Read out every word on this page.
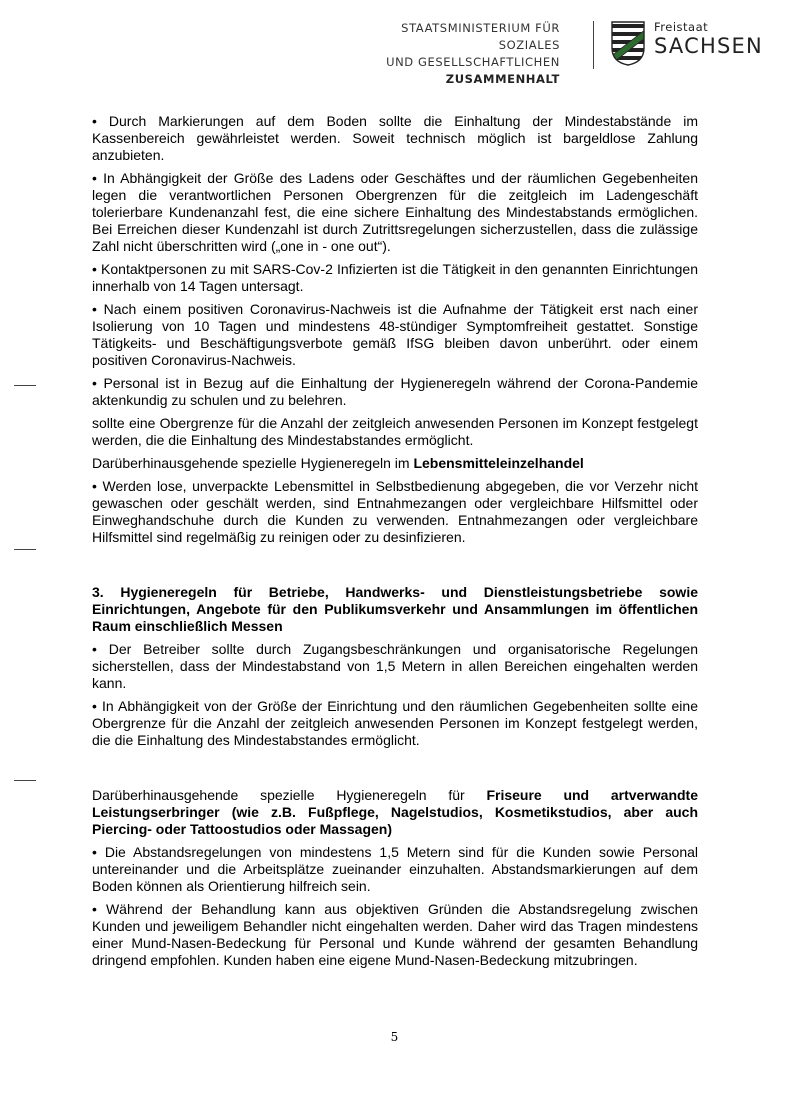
STAATSMINISTERIUM FÜR SOZIALES
UND GESELLSCHAFTLICHEN
ZUSAMMENHALT
Freistaat
SACHSEN

• Durch Markierungen auf dem Boden sollte die Einhaltung der Mindestabstände im Kassenbereich gewährleistet werden. Soweit technisch möglich ist bargeldlose Zahlung anzubieten.

• In Abhängigkeit der Größe des Ladens oder Geschäftes und der räumlichen Gegebenheiten legen die verantwortlichen Personen Obergrenzen für die zeitgleich im Ladengeschäft tolerierbare Kundenanzahl fest, die eine sichere Einhaltung des Mindestabstands ermöglichen. Bei Erreichen dieser Kundenzahl ist durch Zutrittsregelungen sicherzustellen, dass die zulässige Zahl nicht überschritten wird („one in - one out“).

• Kontaktpersonen zu mit SARS-Cov-2 Infizierten ist die Tätigkeit in den genannten Einrichtungen innerhalb von 14 Tagen untersagt.

• Nach einem positiven Coronavirus-Nachweis ist die Aufnahme der Tätigkeit erst nach einer Isolierung von 10 Tagen und mindestens 48-stündiger Symptomfreiheit gestattet. Sonstige Tätigkeits- und Beschäftigungsverbote gemäß IfSG bleiben davon unberührt. oder einem positiven Coronavirus-Nachweis.

• Personal ist in Bezug auf die Einhaltung der Hygieneregeln während der Corona-Pandemie aktenkundig zu schulen und zu belehren.

sollte eine Obergrenze für die Anzahl der zeitgleich anwesenden Personen im Konzept festgelegt werden, die die Einhaltung des Mindestabstandes ermöglicht.

Darüberhinausgehende spezielle Hygieneregeln im Lebensmitteleinzelhandel

• Werden lose, unverpackte Lebensmittel in Selbstbedienung abgegeben, die vor Verzehr nicht gewaschen oder geschält werden, sind Entnahmezangen oder vergleichbare Hilfsmittel oder Einweghandschuhe durch die Kunden zu verwenden. Entnahmezangen oder vergleichbare Hilfsmittel sind regelmäßig zu reinigen oder zu desinfizieren.

3. Hygieneregeln für Betriebe, Handwerks- und Dienstleistungsbetriebe sowie Einrichtungen, Angebote für den Publikumsverkehr und Ansammlungen im öffentlichen Raum einschließlich Messen

• Der Betreiber sollte durch Zugangsbeschränkungen und organisatorische Regelungen sicherstellen, dass der Mindestabstand von 1,5 Metern in allen Bereichen eingehalten werden kann.

• In Abhängigkeit von der Größe der Einrichtung und den räumlichen Gegebenheiten sollte eine Obergrenze für die Anzahl der zeitgleich anwesenden Personen im Konzept festgelegt werden, die die Einhaltung des Mindestabstandes ermöglicht.

Darüberhinausgehende spezielle Hygieneregeln für Friseure und artverwandte Leistungserbringer (wie z.B. Fußpflege, Nagelstudios, Kosmetikstudios, aber auch Piercing- oder Tattoostudios oder Massagen)

• Die Abstandsregelungen von mindestens 1,5 Metern sind für die Kunden sowie Personal untereinander und die Arbeitsplätze zueinander einzuhalten. Abstandsmarkierungen auf dem Boden können als Orientierung hilfreich sein.

• Während der Behandlung kann aus objektiven Gründen die Abstandsregelung zwischen Kunden und jeweiligem Behandler nicht eingehalten werden. Daher wird das Tragen mindestens einer Mund-Nasen-Bedeckung für Personal und Kunde während der gesamten Behandlung dringend empfohlen. Kunden haben eine eigene Mund-Nasen-Bedeckung mitzubringen.

5
